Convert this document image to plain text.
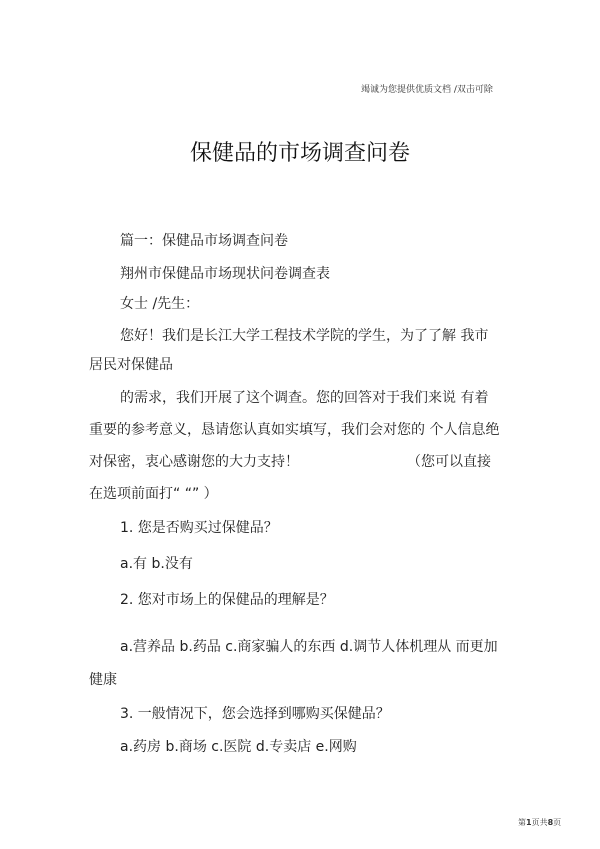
竭诚为您提供优质文档 /双击可除
保健品的市场调查问卷
篇一：保健品市场调查问卷
翔州市保健品市场现状问卷调查表
女士 /先生：
您好！我们是长江大学工程技术学院的学生，为了了解 我市
居民对保健品
的需求，我们开展了这个调查。您的回答对于我们来说 有着
重要的参考意义，恳请您认真如实填写，我们会对您的 个人信息绝
对保密，衷心感谢您的大力支持！	（您可以直接
在选项前面打“ “” ）
1. 您是否购买过保健品？
a.有 b.没有
2. 您对市场上的保健品的理解是？
a.营养品 b.药品 c.商家骗人的东西 d.调节人体机理从 而更加
健康
3. 一般情况下，您会选择到哪购买保健品？
a.药房 b.商场 c.医院 d.专卖店 e.网购
第1页共8页
